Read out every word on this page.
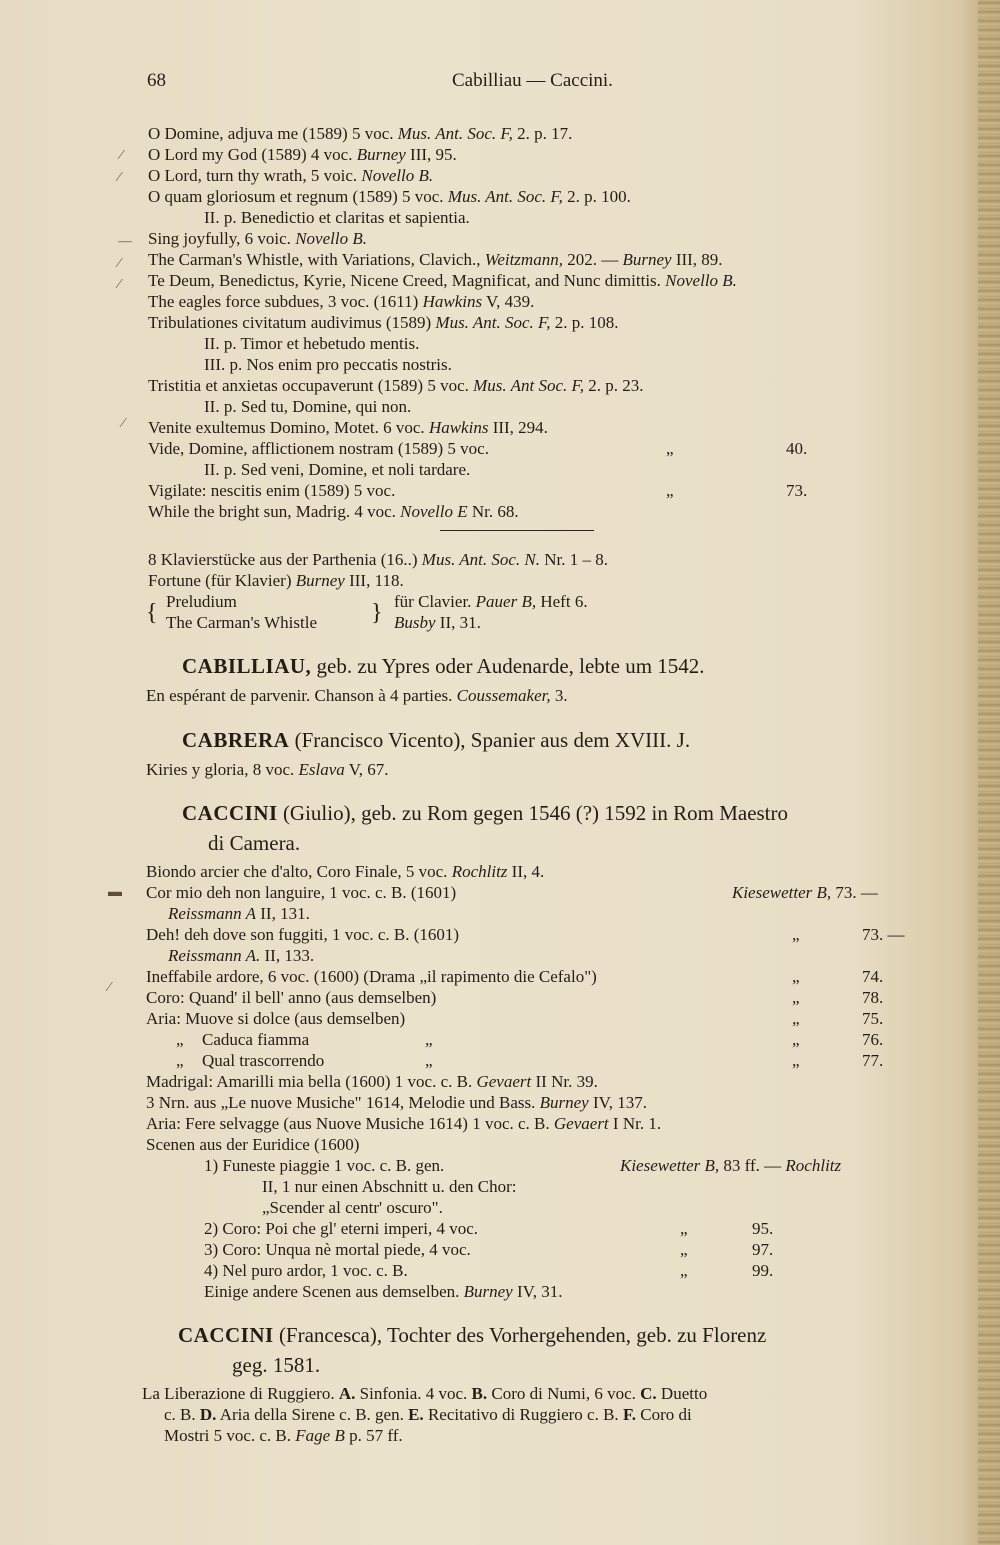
68	Cabilliau — Caccini.
⁄
⁄
—
⁄
⁄
⁄
▬
⁄
O Domine, adjuva me (1589) 5 voc. Mus. Ant. Soc. F, 2. p. 17.
O Lord my God (1589) 4 voc. Burney III, 95.
O Lord, turn thy wrath, 5 voic. Novello B.
O quam gloriosum et regnum (1589) 5 voc. Mus. Ant. Soc. F, 2. p. 100.
II. p. Benedictio et claritas et sapientia.
Sing joyfully, 6 voic. Novello B.
The Carman's Whistle, with Variations, Clavich., Weitzmann, 202. — Burney III, 89.
Te Deum, Benedictus, Kyrie, Nicene Creed, Magnificat, and Nunc dimittis. Novello B.
The eagles force subdues, 3 voc. (1611) Hawkins V, 439.
Tribulationes civitatum audivimus (1589) Mus. Ant. Soc. F, 2. p. 108.
II. p. Timor et hebetudo mentis.
III. p. Nos enim pro peccatis nostris.
Tristitia et anxietas occupaverunt (1589) 5 voc. Mus. Ant Soc. F, 2. p. 23.
II. p. Sed tu, Domine, qui non.
Venite exultemus Domino, Motet. 6 voc. Hawkins III, 294.
Vide, Domine, afflictionem nostram (1589) 5 voc.	„	40.
II. p. Sed veni, Domine, et noli tardare.
Vigilate: nescitis enim (1589) 5 voc.	„	73.
While the bright sun, Madrig. 4 voc. Novello E Nr. 68.
8 Klavierstücke aus der Parthenia (16..) Mus. Ant. Soc. N. Nr. 1 – 8.
Fortune (für Klavier) Burney III, 118.
{ Preludium	} für Clavier. Pauer B, Heft 6.
The Carman's Whistle	Busby II, 31.
CABILLIAU, geb. zu Ypres oder Audenarde, lebte um 1542.
En espérant de parvenir. Chanson à 4 parties. Coussemaker, 3.
CABRERA (Francisco Vicento), Spanier aus dem XVIII. J.
Kiries y gloria, 8 voc. Eslava V, 67.
CACCINI (Giulio), geb. zu Rom gegen 1546 (?) 1592 in Rom Maestro
di Camera.
Biondo arcier che d'alto, Coro Finale, 5 voc. Rochlitz II, 4.
Cor mio deh non languire, 1 voc. c. B. (1601)	Kiesewetter B, 73. —
Reissmann A II, 131.
Deh! deh dove son fuggiti, 1 voc. c. B. (1601)	„	73. —
Reissmann A. II, 133.
Ineffabile ardore, 6 voc. (1600) (Drama „il rapimento die Cefalo")	„	74.
Coro: Quand' il bell' anno (aus demselben)	„	78.
Aria: Muove si dolce (aus demselben)	„	75.
„ Caduca fiamma	„	„	76.
„ Qual trascorrendo	„	„	77.
Madrigal: Amarilli mia bella (1600) 1 voc. c. B. Gevaert II Nr. 39.
3 Nrn. aus „Le nuove Musiche" 1614, Melodie und Bass. Burney IV, 137.
Aria: Fere selvagge (aus Nuove Musiche 1614) 1 voc. c. B. Gevaert I Nr. 1.
Scenen aus der Euridice (1600)
1) Funeste piaggie 1 voc. c. B. gen.	Kiesewetter B, 83 ff. — Rochlitz
II, 1 nur einen Abschnitt u. den Chor:
„Scender al centr' oscuro".
2) Coro: Poi che gl' eterni imperi, 4 voc.	„	95.
3) Coro: Unqua nè mortal piede, 4 voc.	„	97.
4) Nel puro ardor, 1 voc. c. B.	„	99.
Einige andere Scenen aus demselben. Burney IV, 31.
CACCINI (Francesca), Tochter des Vorhergehenden, geb. zu Florenz
geg. 1581.
La Liberazione di Ruggiero. A. Sinfonia. 4 voc. B. Coro di Numi, 6 voc. C. Duetto
c. B. D. Aria della Sirene c. B. gen. E. Recitativo di Ruggiero c. B. F. Coro di
Mostri 5 voc. c. B. Fage B p. 57 ff.
